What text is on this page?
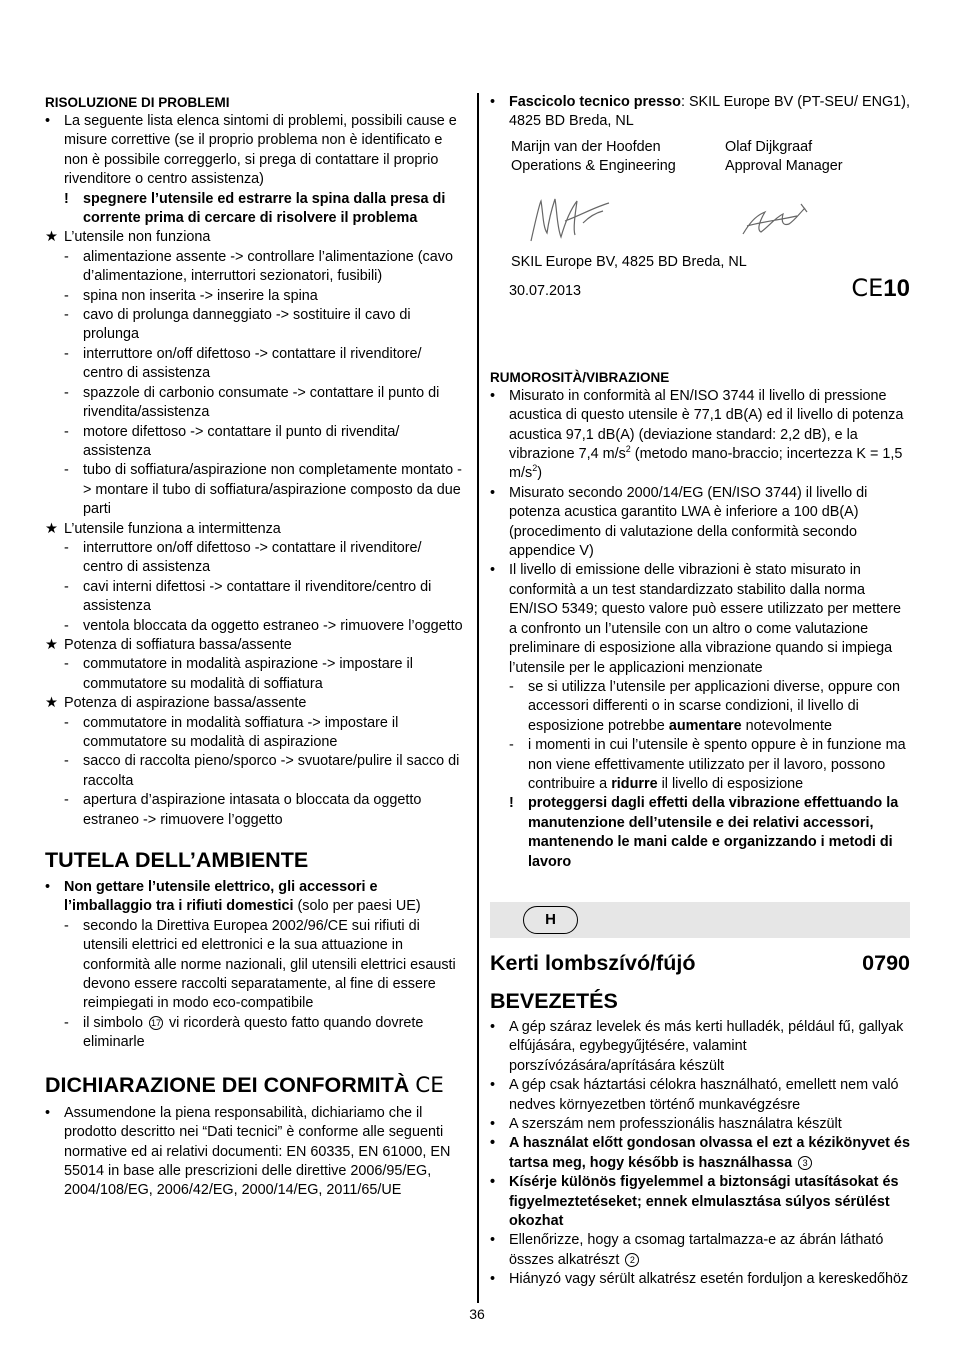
RISOLUZIONE DI PROBLEMI
• La seguente lista elenca sintomi di problemi, possibili cause e misure correttive (se il proprio problema non è identificato e non è possibile correggerlo, si prega di contattare il proprio rivenditore o centro assistenza)
! spegnere l’utensile ed estrarre la spina dalla presa di corrente prima di cercare di risolvere il problema
★ L’utensile non funziona
- alimentazione assente -> controllare l’alimentazione (cavo d’alimentazione, interruttori sezionatori, fusibili)
- spina non inserita -> inserire la spina
- cavo di prolunga danneggiato -> sostituire il cavo di prolunga
- interruttore on/off difettoso -> contattare il rivenditore/ centro di assistenza
- spazzole di carbonio consumate -> contattare il punto di rivendita/assistenza
- motore difettoso -> contattare il punto di rivendita/ assistenza
- tubo di soffiatura/aspirazione non completamente montato -> montare il tubo di soffiatura/aspirazione composto da due parti
★ L’utensile funziona a intermittenza
- interruttore on/off difettoso -> contattare il rivenditore/ centro di assistenza
- cavi interni difettosi -> contattare il rivenditore/centro di assistenza
- ventola bloccata da oggetto estraneo -> rimuovere l’oggetto
★ Potenza di soffiatura bassa/assente
- commutatore in modalità aspirazione -> impostare il commutatore su modalità di soffiatura
★ Potenza di aspirazione bassa/assente
- commutatore in modalità soffiatura -> impostare il commutatore su modalità di aspirazione
- sacco di raccolta pieno/sporco -> svuotare/pulire il sacco di raccolta
- apertura d’aspirazione intasata o bloccata da oggetto estraneo -> rimuovere l’oggetto
TUTELA DELL’AMBIENTE
• Non gettare l’utensile elettrico, gli accessori e l’imballaggio tra i rifiuti domestici (solo per paesi UE)
- secondo la Direttiva Europea 2002/96/CE sui rifiuti di utensili elettrici ed elettronici e la sua attuazione in conformità alle norme nazionali, glil utensili elettrici esausti devono essere raccolti separatamente, al fine di essere reimpiegati in modo eco-compatibile
- il simbolo 17 vi ricorderà questo fatto quando dovrete eliminarle
DICHIARAZIONE DEI CONFORMITÀ CE
• Assumendone la piena responsabilità, dichiariamo che il prodotto descritto nei “Dati tecnici” è conforme alle seguenti normative ed ai relativi documenti: EN 60335, EN 61000, EN 55014 in base alle prescrizioni delle direttive 2006/95/EG, 2004/108/EG, 2006/42/EG, 2000/14/EG, 2011/65/UE
• Fascicolo tecnico presso: SKIL Europe BV (PT-SEU/ ENG1), 4825 BD Breda, NL
Marijn van der Hoofden
Operations & Engineering
Olaf Dijkgraaf
Approval Manager
SKIL Europe BV, 4825 BD Breda, NL
30.07.2013	CE10
RUMOROSITÀ/VIBRAZIONE
• Misurato in conformità al EN/ISO 3744 il livello di pressione acustica di questo utensile è 77,1 dB(A) ed il livello di potenza acustica 97,1 dB(A) (deviazione standard: 2,2 dB), e la vibrazione 7,4 $m/s^2$ (metodo mano-braccio; incertezza K = 1,5 $m/s^2$)
• Misurato secondo 2000/14/EG (EN/ISO 3744) il livello di potenza acustica garantito LWA è inferiore a 100 dB(A) (procedimento di valutazione della conformità secondo appendice V)
• Il livello di emissione delle vibrazioni è stato misurato in conformità a un test standardizzato stabilito dalla norma EN/ISO 5349; questo valore può essere utilizzato per mettere a confronto un l’utensile con un altro o come valutazione preliminare di esposizione alla vibrazione quando si impiega l’utensile per le applicazioni menzionate
- se si utilizza l’utensile per applicazioni diverse, oppure con accessori differenti o in scarse condizioni, il livello di esposizione potrebbe aumentare notevolmente
- i momenti in cui l’utensile è spento oppure è in funzione ma non viene effettivamente utilizzato per il lavoro, possono contribuire a ridurre il livello di esposizione
! proteggersi dagli effetti della vibrazione effettuando la manutenzione dell’utensile e dei relativi accessori, mantenendo le mani calde e organizzando i metodi di lavoro
H
Kerti lombszívó/fújó	0790
BEVEZETÉS
• A gép száraz levelek és más kerti hulladék, például fű, gallyak elfújására, egybegyűjtésére, valamint porszívózására/aprítására készült
• A gép csak háztartási célokra használható, emellett nem való nedves környezetben történő munkavégzésre
• A szerszám nem professzionális használatra készült
• A használat előtt gondosan olvassa el ezt a kézikönyvet és tartsa meg, hogy később is használhassa 3
• Kísérje különös figyelemmel a biztonsági utasításokat és figyelmeztetéseket; ennek elmulasztása súlyos sérülést okozhat
• Ellenőrizze, hogy a csomag tartalmazza-e az ábrán látható összes alkatrészt 2
• Hiányzó vagy sérült alkatrész esetén forduljon a kereskedőhöz
36
